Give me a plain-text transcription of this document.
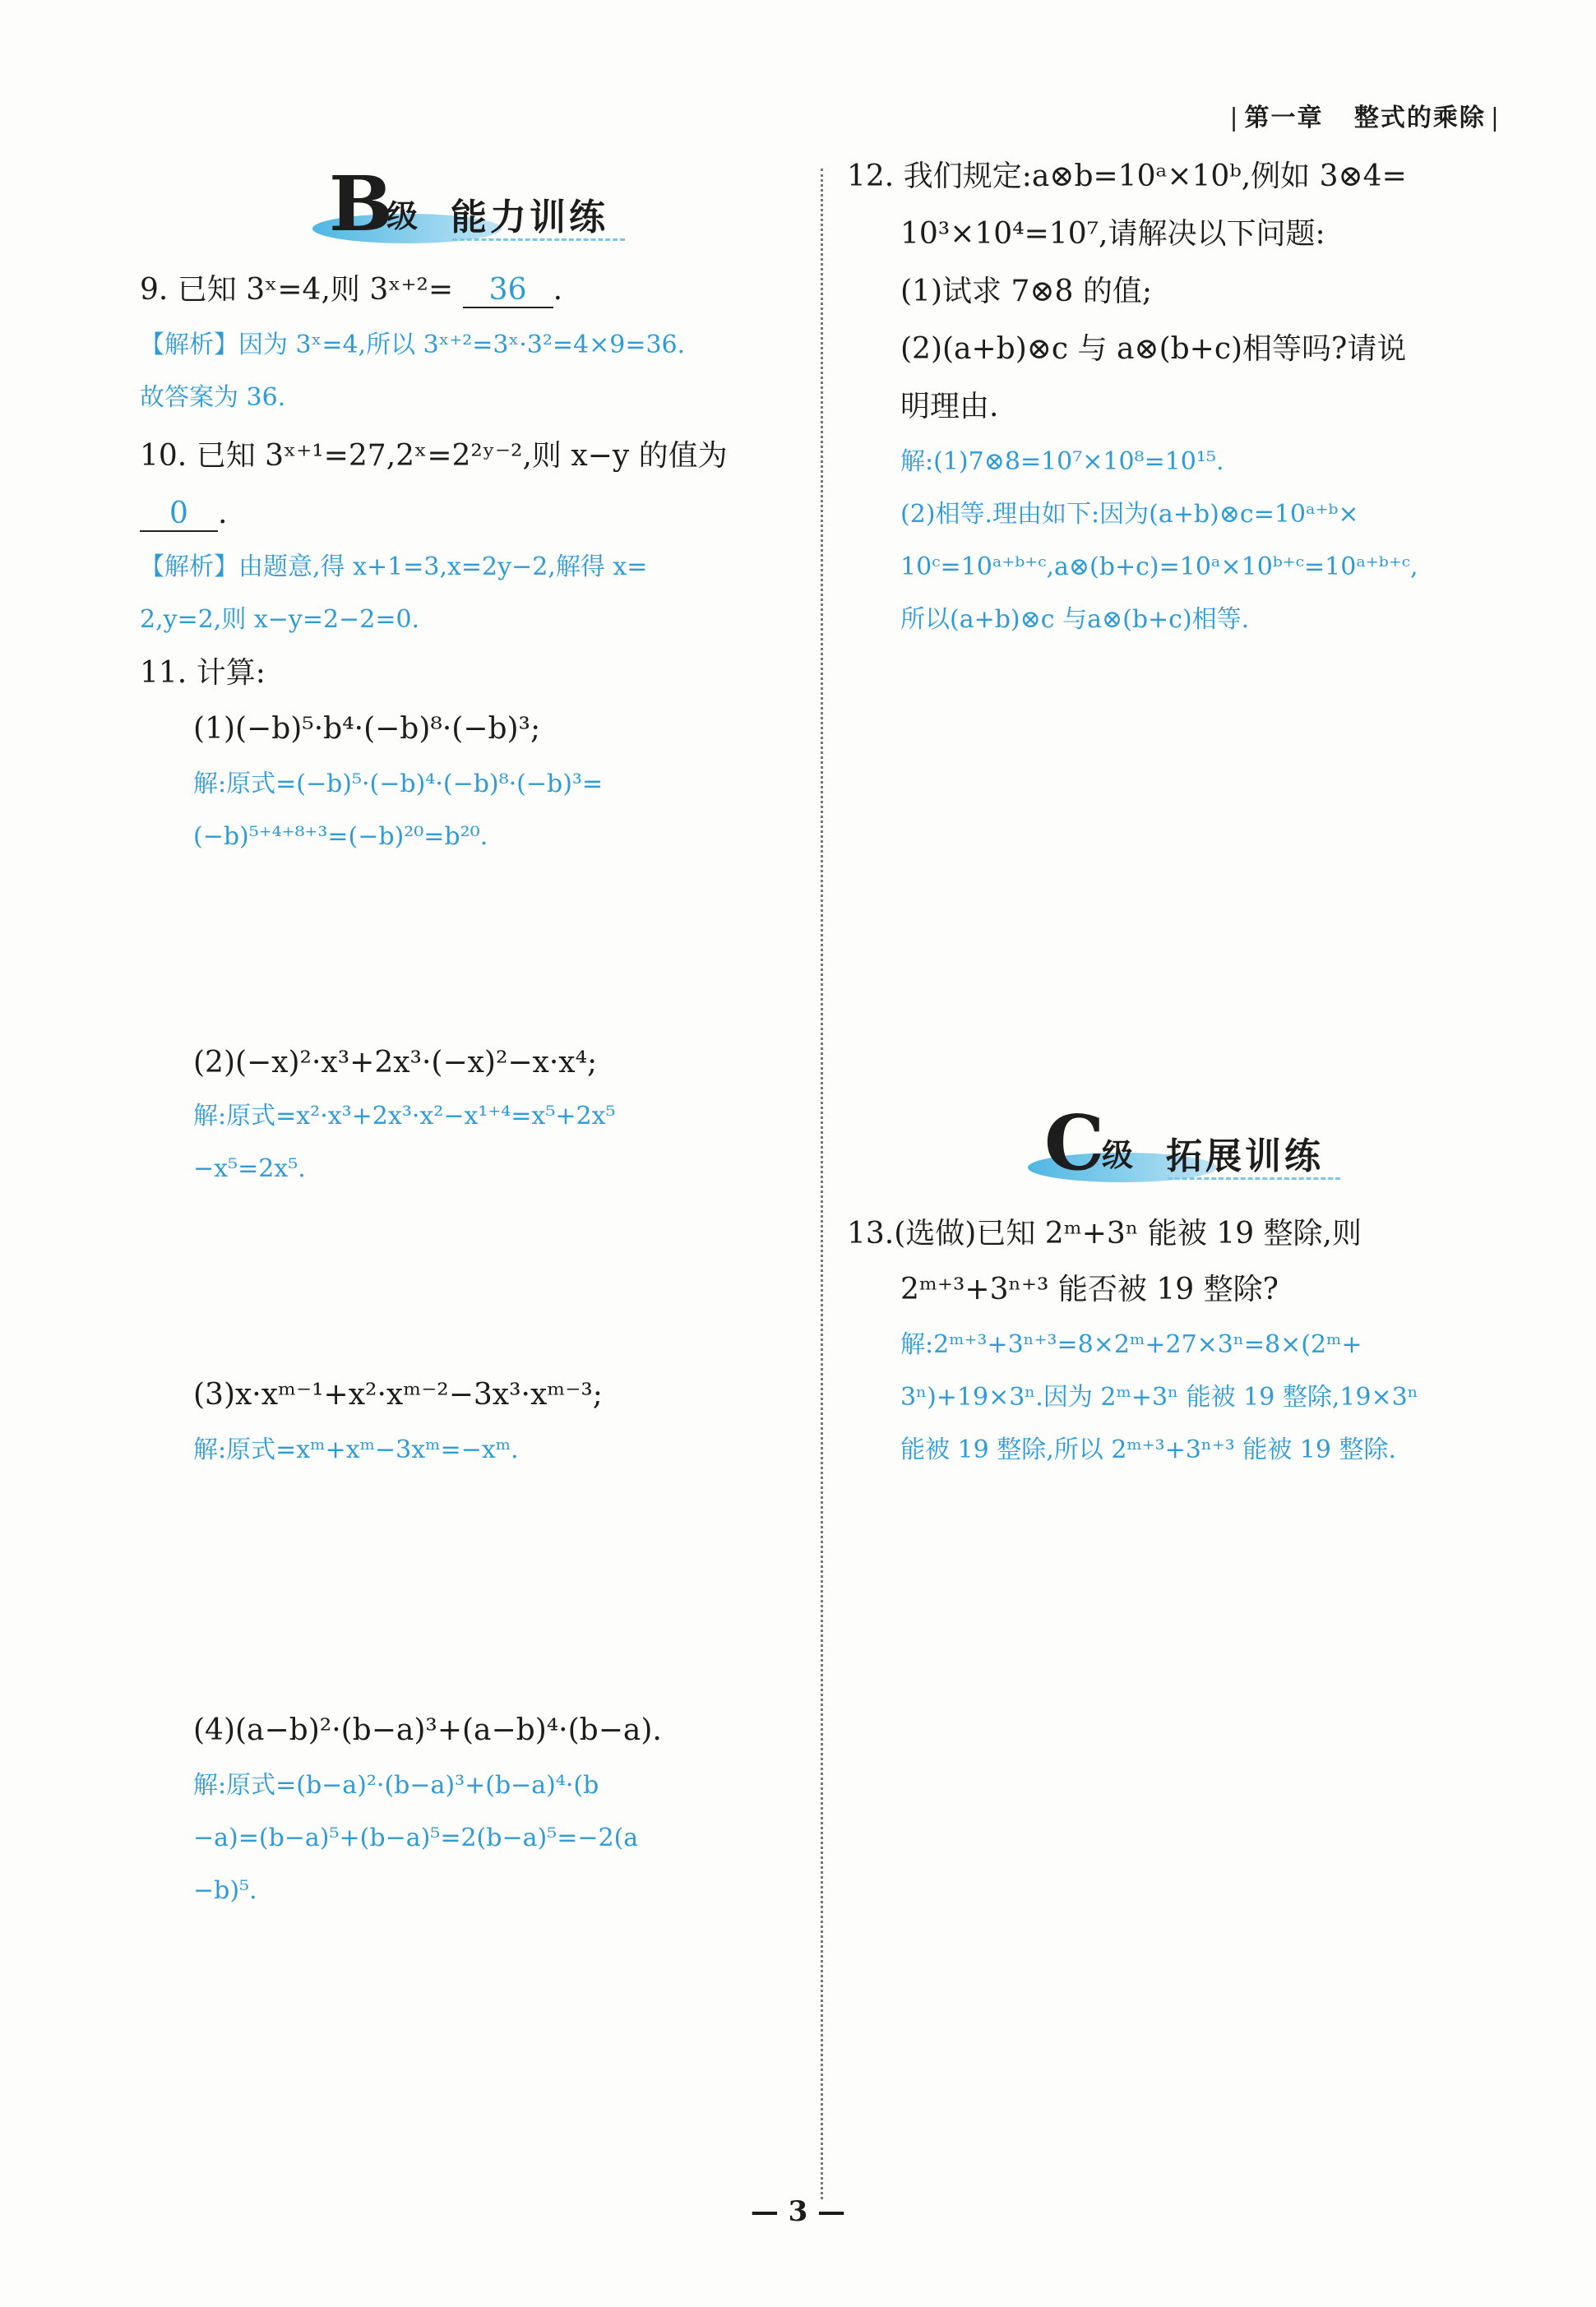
| 第一章 整式的乘除 |
B
级 能力训练
9. 已知 3ˣ=4,则 3ˣ⁺²= 36 .
【解析】因为 3ˣ=4,所以 3ˣ⁺²=3ˣ·3²=4×9=36.
故答案为 36.
10. 已知 3ˣ⁺¹=27,2ˣ=2²ʸ⁻²,则 x−y 的值为
0 .
【解析】由题意,得 x+1=3,x=2y−2,解得 x=
2,y=2,则 x−y=2−2=0.
11. 计算:
(1)(−b)⁵·b⁴·(−b)⁸·(−b)³;
解:原式=(−b)⁵·(−b)⁴·(−b)⁸·(−b)³=
(−b)⁵⁺⁴⁺⁸⁺³=(−b)²⁰=b²⁰.
(2)(−x)²·x³+2x³·(−x)²−x·x⁴;
解:原式=x²·x³+2x³·x²−x¹⁺⁴=x⁵+2x⁵
−x⁵=2x⁵.
(3)x·xᵐ⁻¹+x²·xᵐ⁻²−3x³·xᵐ⁻³;
解:原式=xᵐ+xᵐ−3xᵐ=−xᵐ.
(4)(a−b)²·(b−a)³+(a−b)⁴·(b−a).
解:原式=(b−a)²·(b−a)³+(b−a)⁴·(b
−a)=(b−a)⁵+(b−a)⁵=2(b−a)⁵=−2(a
−b)⁵.
12. 我们规定:a⊗b=10ᵃ×10ᵇ,例如 3⊗4=
10³×10⁴=10⁷,请解决以下问题:
(1)试求 7⊗8 的值;
(2)(a+b)⊗c 与 a⊗(b+c)相等吗?请说
明理由.
解:(1)7⊗8=10⁷×10⁸=10¹⁵.
(2)相等.理由如下:因为(a+b)⊗c=10ᵃ⁺ᵇ×
10ᶜ=10ᵃ⁺ᵇ⁺ᶜ,a⊗(b+c)=10ᵃ×10ᵇ⁺ᶜ=10ᵃ⁺ᵇ⁺ᶜ,
所以(a+b)⊗c 与a⊗(b+c)相等.
C
级 拓展训练
13.(选做)已知 2ᵐ+3ⁿ 能被 19 整除,则
2ᵐ⁺³+3ⁿ⁺³ 能否被 19 整除?
解:2ᵐ⁺³+3ⁿ⁺³=8×2ᵐ+27×3ⁿ=8×(2ᵐ+
3ⁿ)+19×3ⁿ.因为 2ᵐ+3ⁿ 能被 19 整除,19×3ⁿ
能被 19 整除,所以 2ᵐ⁺³+3ⁿ⁺³ 能被 19 整除.
— 3 —
